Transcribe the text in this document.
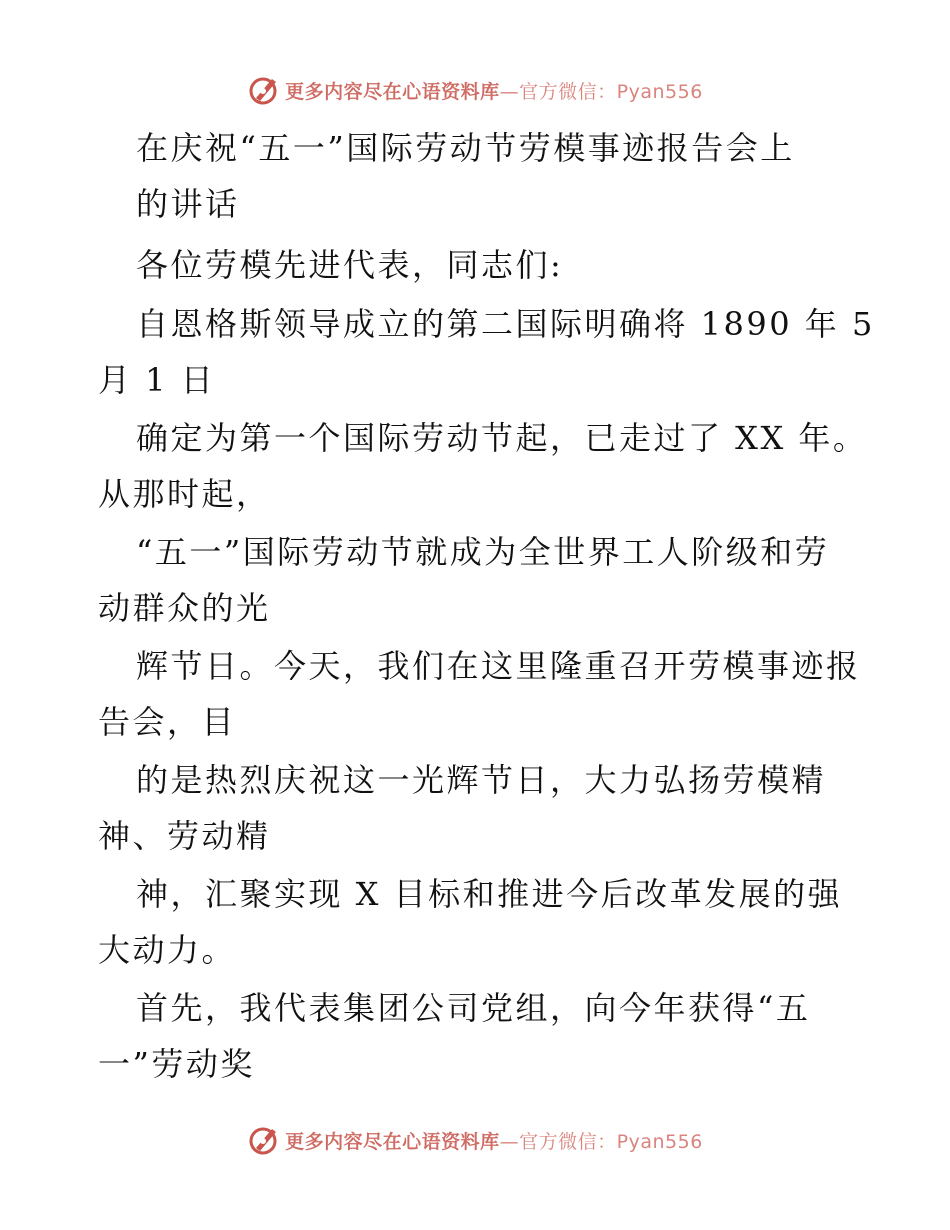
更多内容尽在心语资料库—官方微信：Pyan556
在庆祝“五一”国际劳动节劳模事迹报告会上
的讲话
各位劳模先进代表，同志们:
自恩格斯领导成立的第二国际明确将 1890 年 5
月 1 日
确定为第一个国际劳动节起，已走过了 XX 年。
从那时起，
“五一”国际劳动节就成为全世界工人阶级和劳
动群众的光
辉节日。今天，我们在这里隆重召开劳模事迹报
告会，目
的是热烈庆祝这一光辉节日，大力弘扬劳模精
神、劳动精
神，汇聚实现 X 目标和推进今后改革发展的强
大动力。
首先，我代表集团公司党组，向今年获得“五
一”劳动奖
更多内容尽在心语资料库—官方微信：Pyan556
